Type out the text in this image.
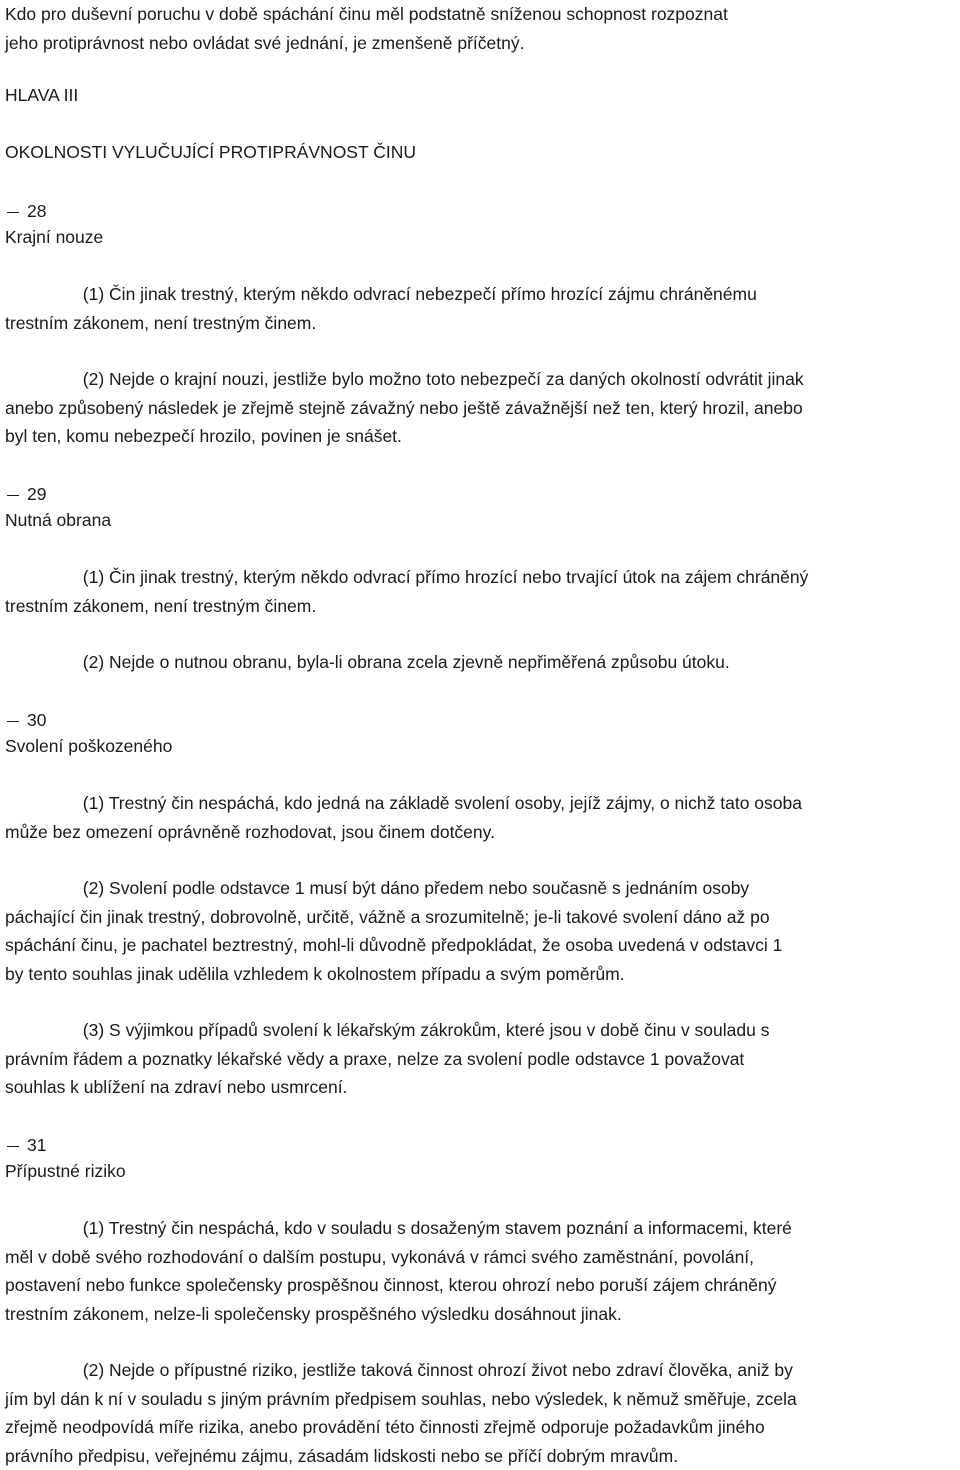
Kdo pro duševní poruchu v době spáchání činu měl podstatně sníženou schopnost rozpoznat
jeho protiprávnost nebo ovládat své jednání, je zmenšeně příčetný.

HLAVA III
OKOLNOSTI VYLUČUJÍCÍ PROTIPRÁVNOST ČINU
28
Krajní nouze

(1) Čin jinak trestný, kterým někdo odvrací nebezpečí přímo hrozící zájmu chráněnému
trestním zákonem, není trestným činem.

(2) Nejde o krajní nouzi, jestliže bylo možno toto nebezpečí za daných okolností odvrátit jinak
anebo způsobený následek je zřejmě stejně závažný nebo ještě závažnější než ten, který hrozil, anebo
byl ten, komu nebezpečí hrozilo, povinen je snášet.

29
Nutná obrana

(1) Čin jinak trestný, kterým někdo odvrací přímo hrozící nebo trvající útok na zájem chráněný
trestním zákonem, není trestným činem.

(2) Nejde o nutnou obranu, byla-li obrana zcela zjevně nepřiměřená způsobu útoku.

30
Svolení poškozeného

(1) Trestný čin nespáchá, kdo jedná na základě svolení osoby, jejíž zájmy, o nichž tato osoba
může bez omezení oprávněně rozhodovat, jsou činem dotčeny.

(2) Svolení podle odstavce 1 musí být dáno předem nebo současně s jednáním osoby
páchající čin jinak trestný, dobrovolně, určitě, vážně a srozumitelně; je-li takové svolení dáno až po
spáchání činu, je pachatel beztrestný, mohl-li důvodně předpokládat, že osoba uvedená v odstavci 1
by tento souhlas jinak udělila vzhledem k okolnostem případu a svým poměrům.

(3) S výjimkou případů svolení k lékařským zákrokům, které jsou v době činu v souladu s
právním řádem a poznatky lékařské vědy a praxe, nelze za svolení podle odstavce 1 považovat
souhlas k ublížení na zdraví nebo usmrcení.

31
Přípustné riziko

(1) Trestný čin nespáchá, kdo v souladu s dosaženým stavem poznání a informacemi, které
měl v době svého rozhodování o dalším postupu, vykonává v rámci svého zaměstnání, povolání,
postavení nebo funkce společensky prospěšnou činnost, kterou ohrozí nebo poruší zájem chráněný
trestním zákonem, nelze-li společensky prospěšného výsledku dosáhnout jinak.

(2) Nejde o přípustné riziko, jestliže taková činnost ohrozí život nebo zdraví člověka, aniž by
jím byl dán k ní v souladu s jiným právním předpisem souhlas, nebo výsledek, k němuž směřuje, zcela
zřejmě neodpovídá míře rizika, anebo provádění této činnosti zřejmě odporuje požadavkům jiného
právního předpisu, veřejnému zájmu, zásadám lidskosti nebo se příčí dobrým mravům.
